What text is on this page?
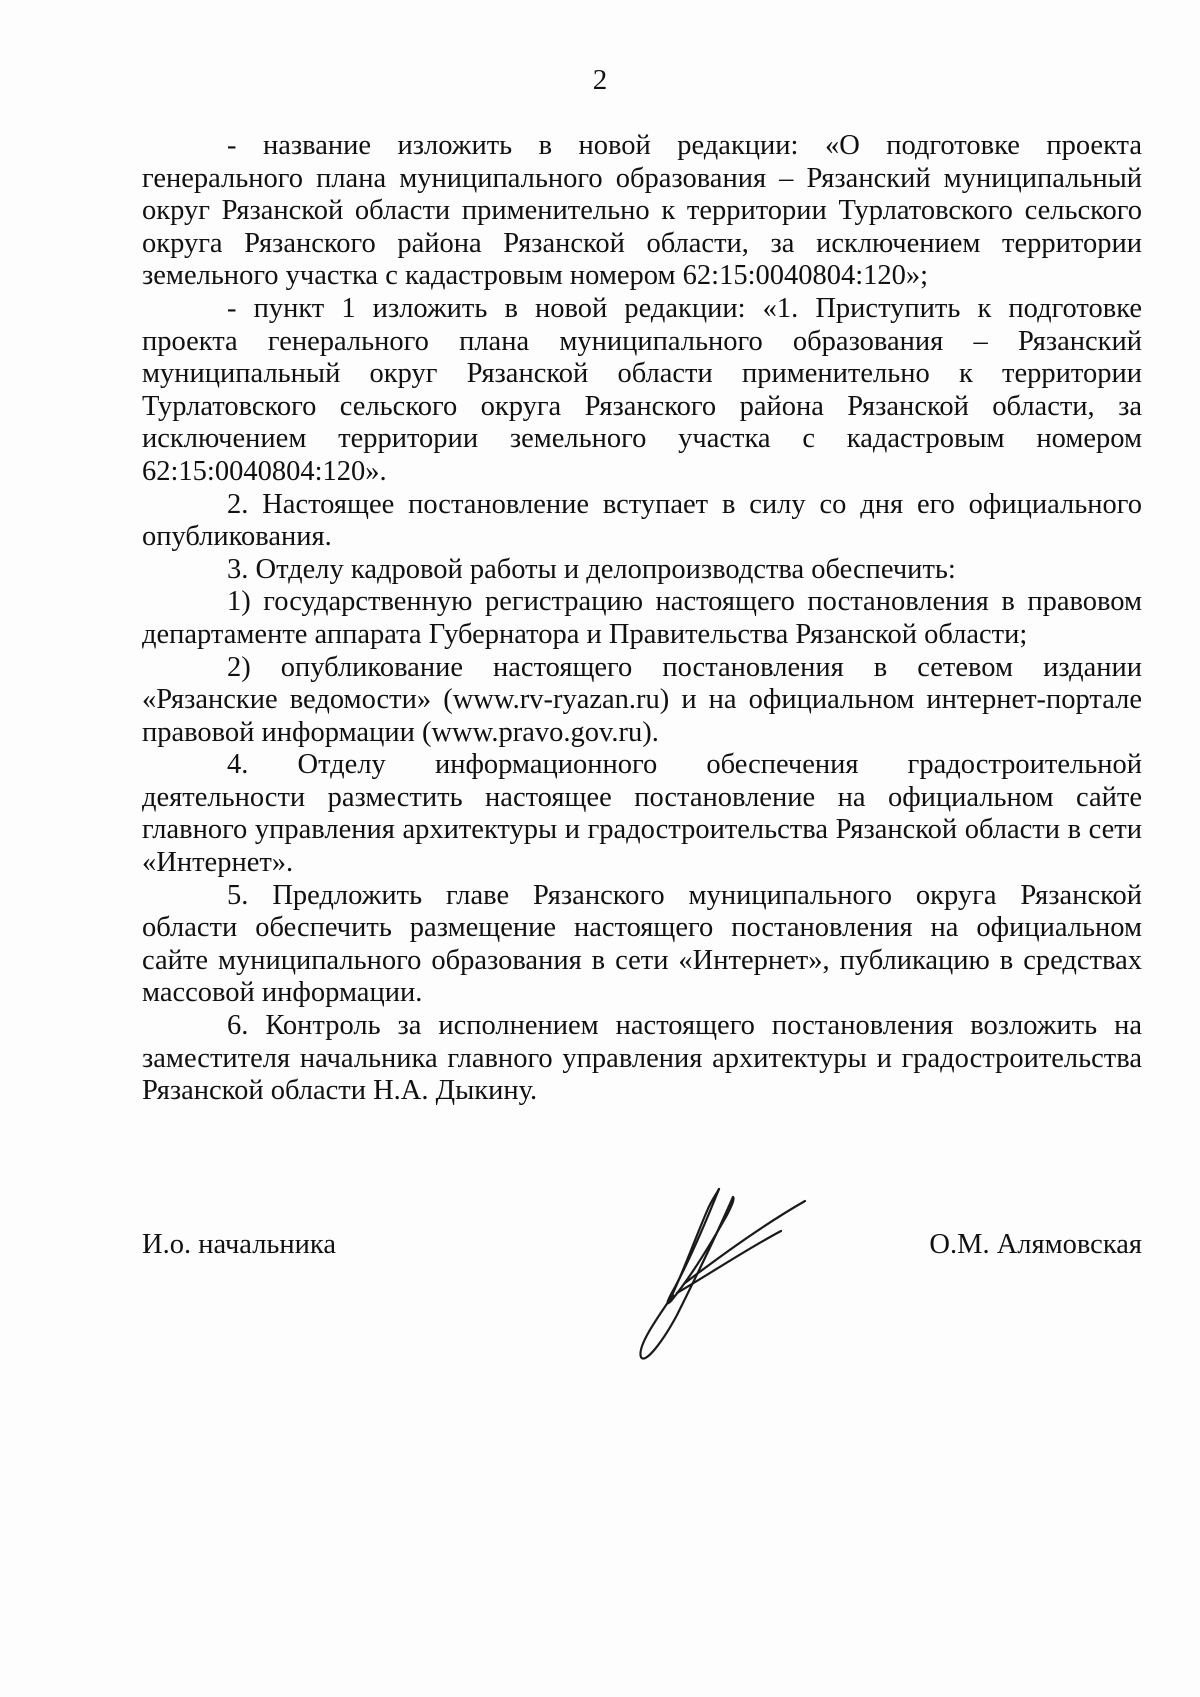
2

- название изложить в новой редакции: «О подготовке проекта генерального плана муниципального образования – Рязанский муниципальный округ Рязанской области применительно к территории Турлатовского сельского округа Рязанского района Рязанской области, за исключением территории земельного участка с кадастровым номером 62:15:0040804:120»;

- пункт 1 изложить в новой редакции: «1. Приступить к подготовке проекта генерального плана муниципального образования – Рязанский муниципальный округ Рязанской области применительно к территории Турлатовского сельского округа Рязанского района Рязанской области, за исключением территории земельного участка с кадастровым номером 62:15:0040804:120».

2. Настоящее постановление вступает в силу со дня его официального опубликования.

3. Отделу кадровой работы и делопроизводства обеспечить:

1) государственную регистрацию настоящего постановления в правовом департаменте аппарата Губернатора и Правительства Рязанской области;

2) опубликование настоящего постановления в сетевом издании «Рязанские ведомости» (www.rv-ryazan.ru) и на официальном интернет-портале правовой информации (www.pravo.gov.ru).

4. Отделу информационного обеспечения градостроительной деятельности разместить настоящее постановление на официальном сайте главного управления архитектуры и градостроительства Рязанской области в сети «Интернет».

5. Предложить главе Рязанского муниципального округа Рязанской области обеспечить размещение настоящего постановления на официальном сайте муниципального образования в сети «Интернет», публикацию в средствах массовой информации.

6. Контроль за исполнением настоящего постановления возложить на заместителя начальника главного управления архитектуры и градостроительства Рязанской области Н.А. Дыкину.

И.о. начальника	О.М. Алямовская
